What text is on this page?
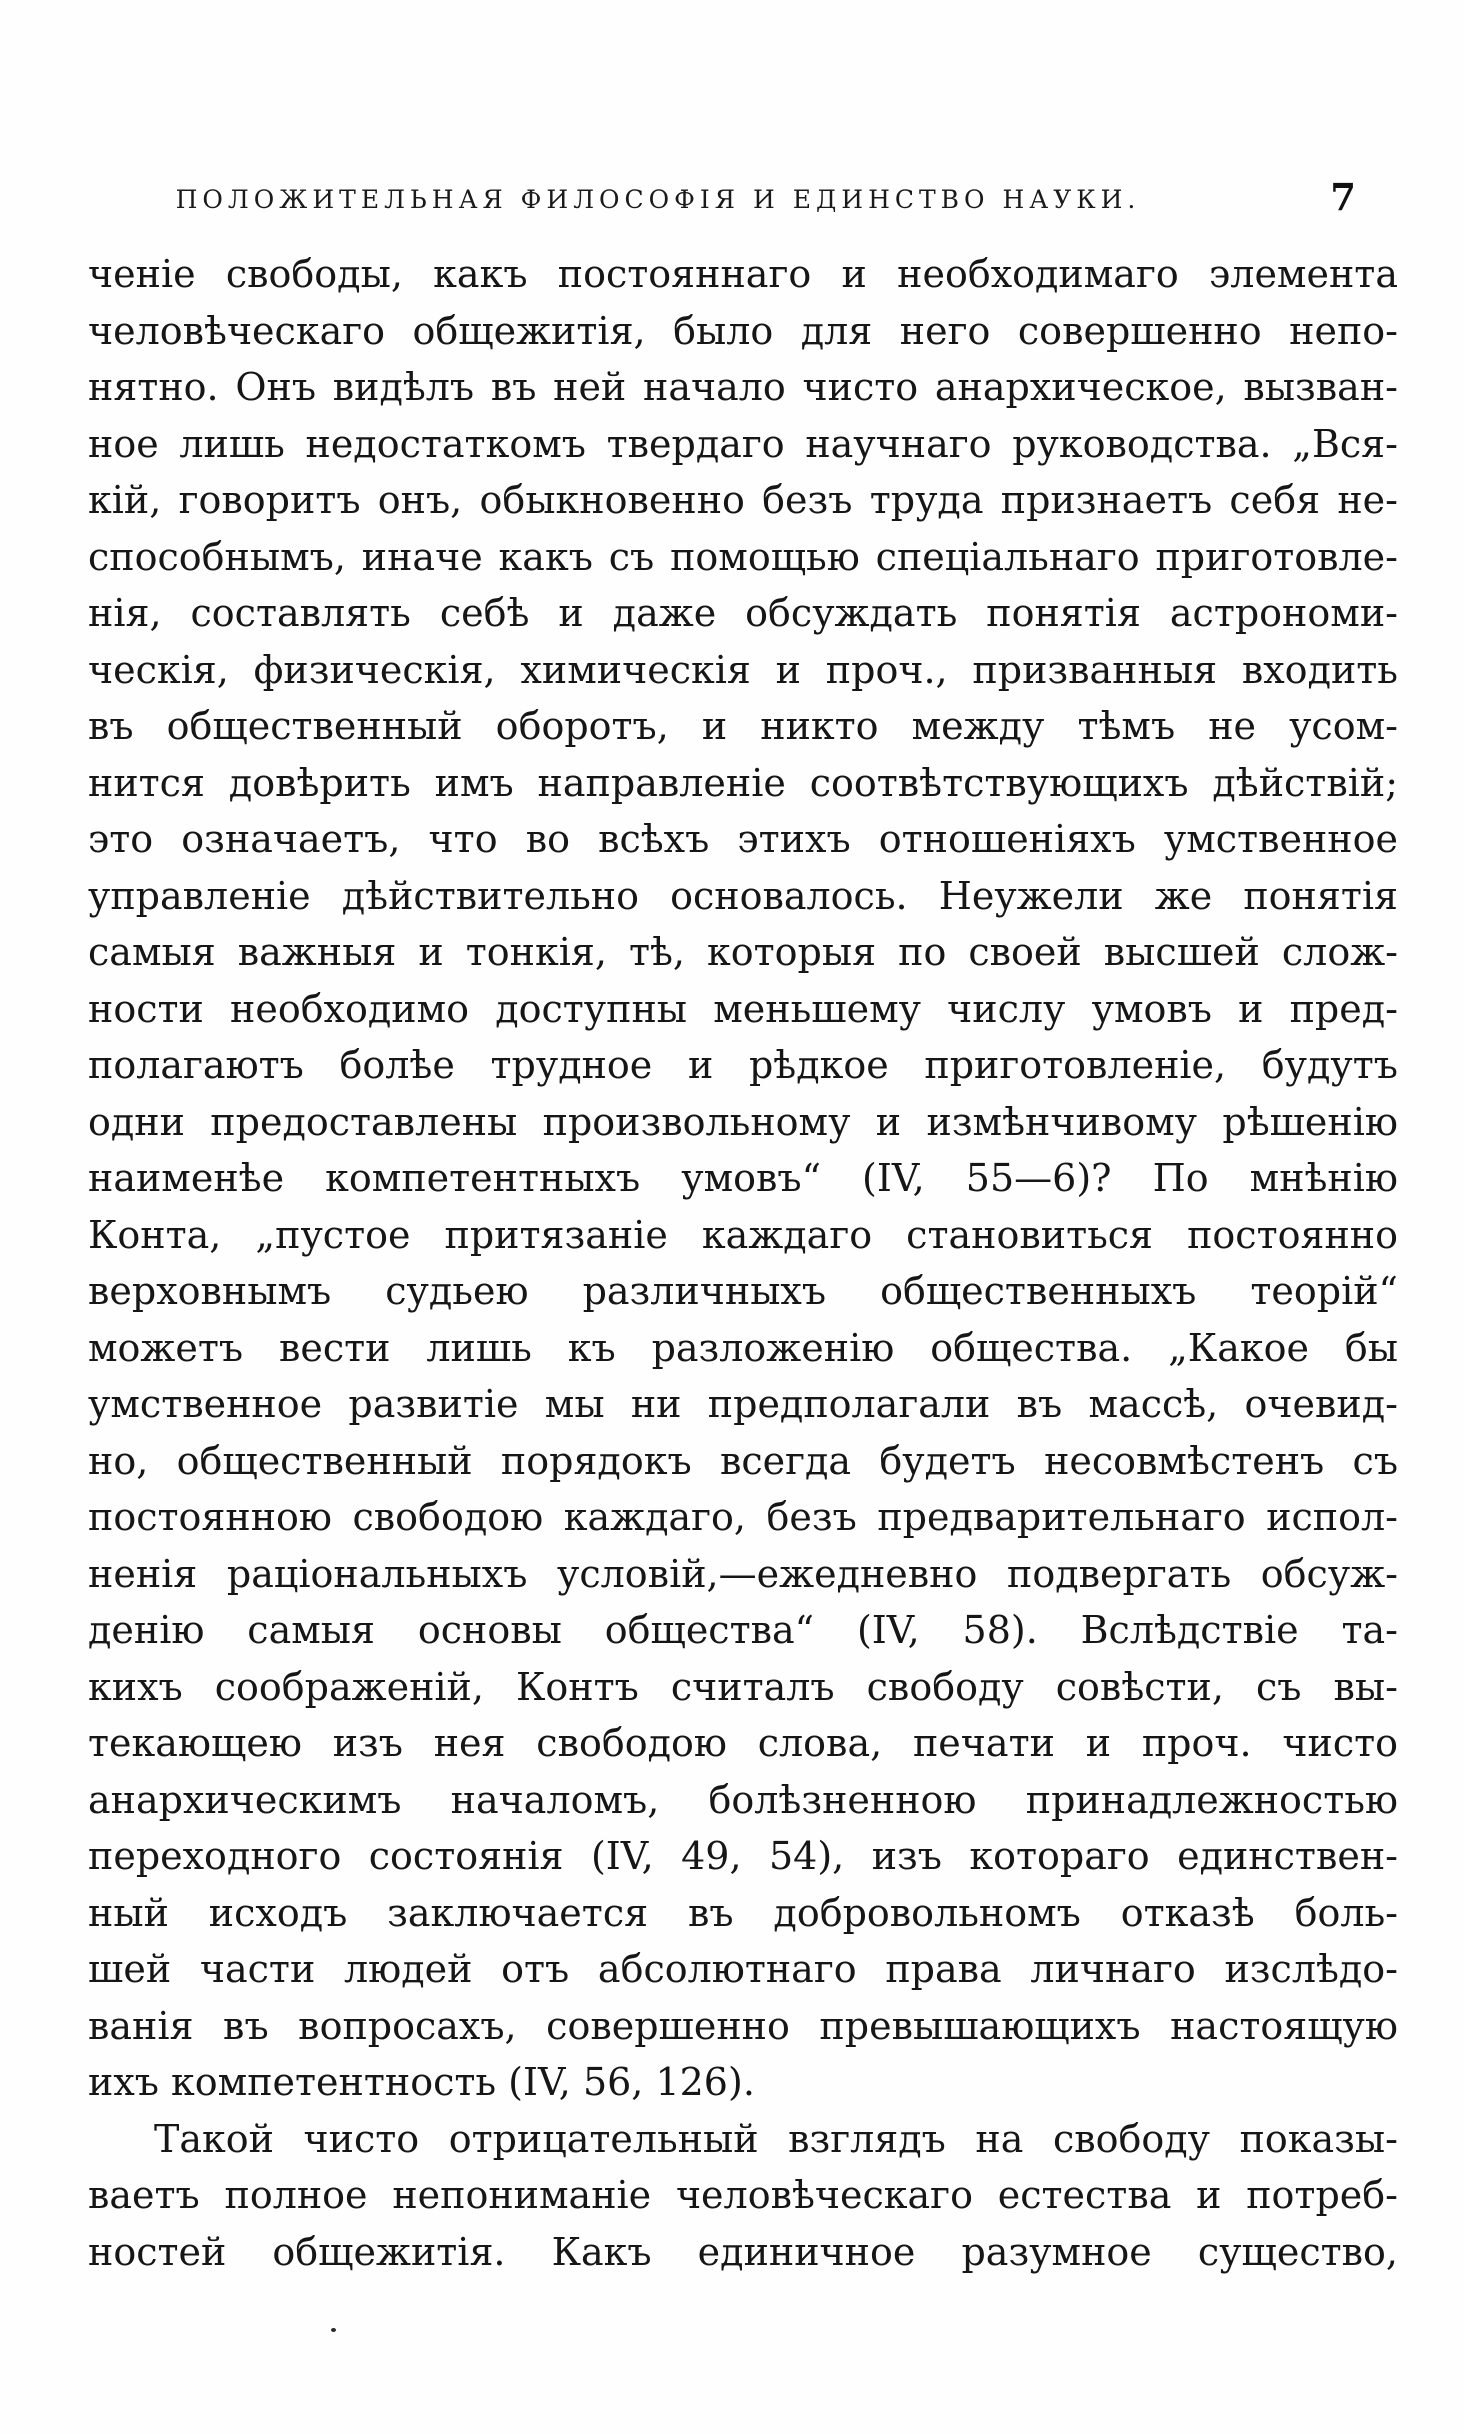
ПОЛОЖИТЕЛЬНАЯ ФИЛОСОФІЯ И ЕДИНСТВО НАУКИ.	7
ченіе свободы, какъ постояннаго и необходимаго элемента
человѣческаго общежитія, было для него совершенно непо-
нятно. Онъ видѣлъ въ ней начало чисто анархическое, вызван-
ное лишь недостаткомъ твердаго научнаго руководства. „Вся-
кій, говоритъ онъ, обыкновенно безъ труда признаетъ себя не-
способнымъ, иначе какъ съ помощью спеціальнаго приготовле-
нія, составлять себѣ и даже обсуждать понятія астрономи-
ческія, физическія, химическія и проч., призванныя входить
въ общественный оборотъ, и никто между тѣмъ не усом-
нится довѣрить имъ направленіе соотвѣтствующихъ дѣйствій;
это означаетъ, что во всѣхъ этихъ отношеніяхъ умственное
управленіе дѣйствительно основалось. Неужели же понятія
самыя важныя и тонкія, тѣ, которыя по своей высшей слож-
ности необходимо доступны меньшему числу умовъ и пред-
полагаютъ болѣе трудное и рѣдкое приготовленіе, будутъ
одни предоставлены произвольному и измѣнчивому рѣшенію
наименѣе компетентныхъ умовъ“ (IV, 55—6)? По мнѣнію
Конта, „пустое притязаніе каждаго становиться постоянно
верховнымъ судьею различныхъ общественныхъ теорій“
можетъ вести лишь къ разложенію общества. „Какое бы
умственное развитіе мы ни предполагали въ массѣ, очевид-
но, общественный порядокъ всегда будетъ несовмѣстенъ съ
постоянною свободою каждаго, безъ предварительнаго испол-
ненія раціональныхъ условій,—ежедневно подвергать обсуж-
денію самыя основы общества“ (IV, 58). Вслѣдствіе та-
кихъ соображеній, Контъ считалъ свободу совѣсти, съ вы-
текающею изъ нея свободою слова, печати и проч. чисто
анархическимъ началомъ, болѣзненною принадлежностью
переходного состоянія (IV, 49, 54), изъ котораго единствен-
ный исходъ заключается въ добровольномъ отказѣ боль-
шей части людей отъ абсолютнаго права личнаго изслѣдо-
ванія въ вопросахъ, совершенно превышающихъ настоящую
ихъ компетентность (IV, 56, 126).
Такой чисто отрицательный взглядъ на свободу показы-
ваетъ полное непониманіе человѣческаго естества и потреб-
ностей общежитія. Какъ единичное разумное существо,
